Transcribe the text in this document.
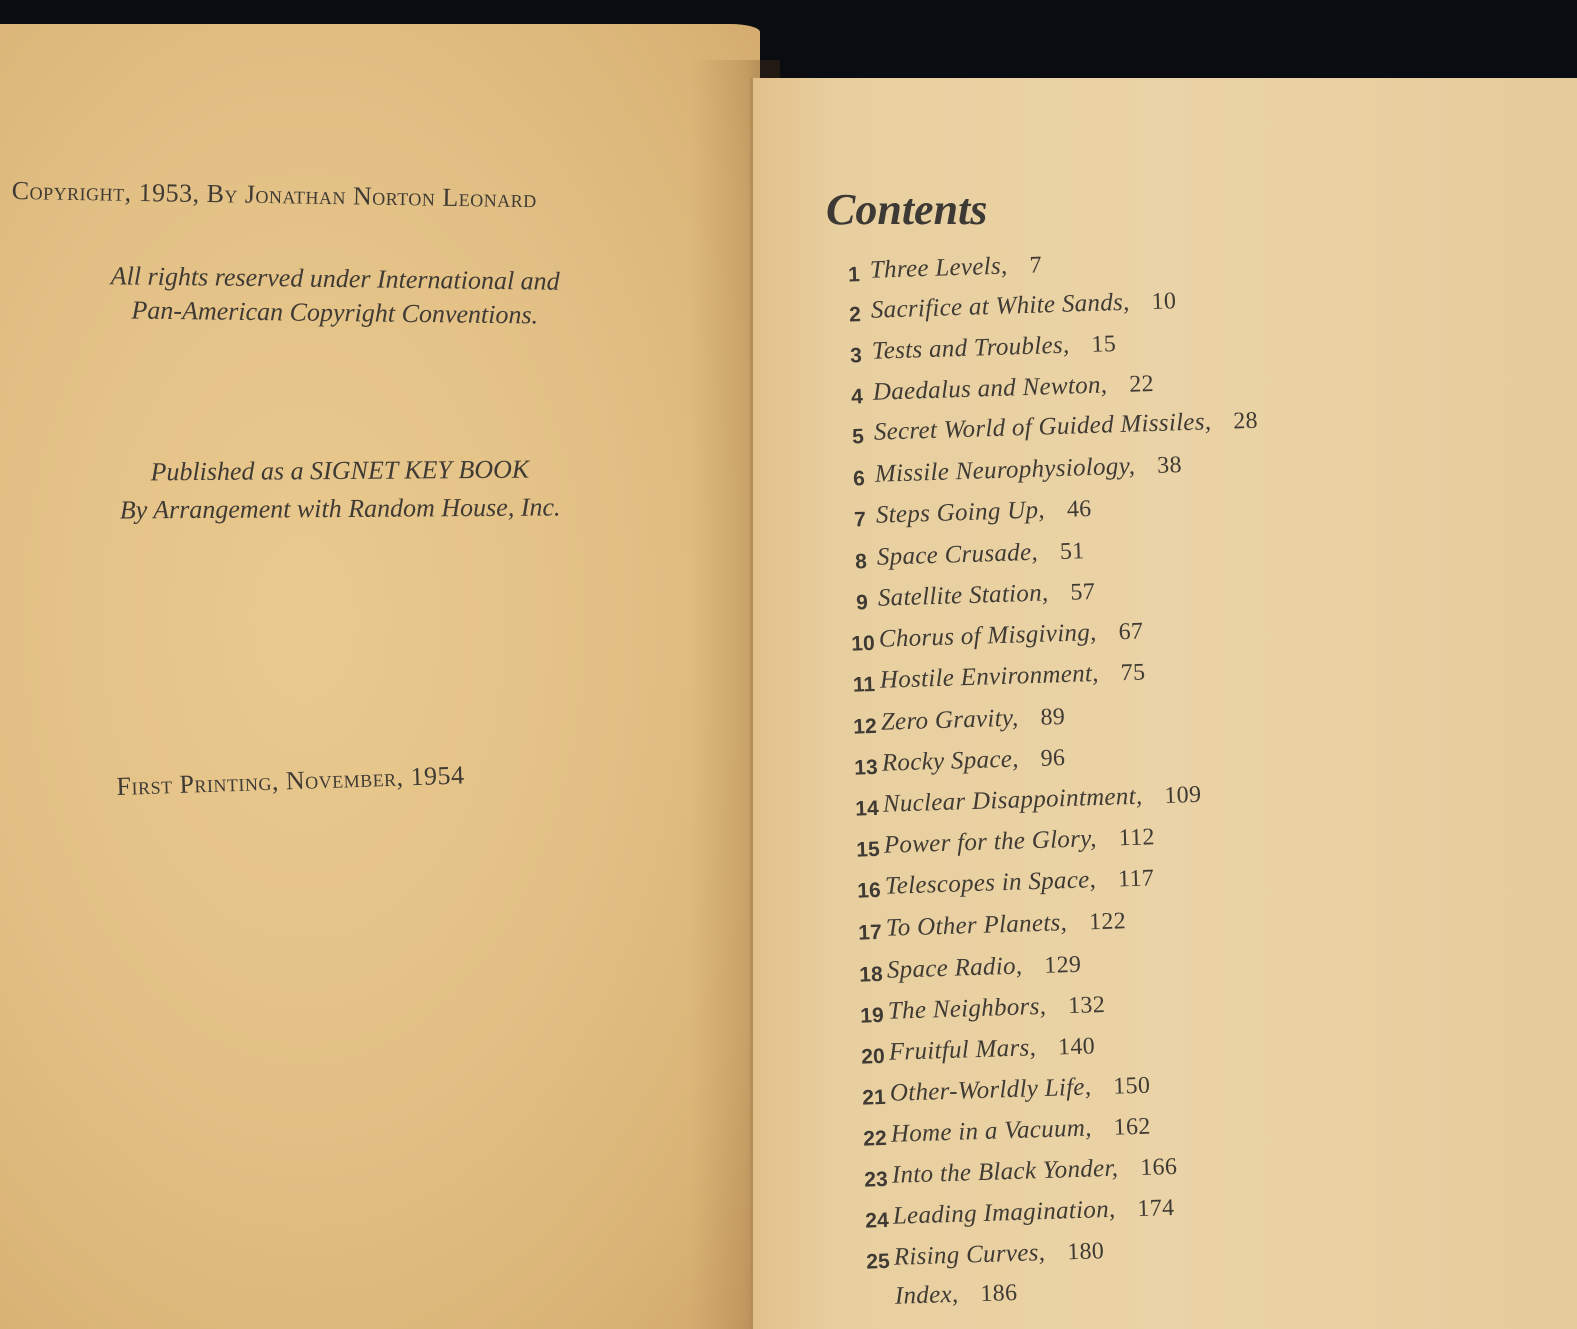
Copyright, 1953, By Jonathan Norton Leonard
All rights reserved under International and
Pan-American Copyright Conventions.
Published as a SIGNET KEY BOOK
By Arrangement with Random House, Inc.
First Printing, November, 1954
Contents
1 Three Levels, 7
2 Sacrifice at White Sands, 10
3 Tests and Troubles, 15
4 Daedalus and Newton, 22
5 Secret World of Guided Missiles, 28
6 Missile Neurophysiology, 38
7 Steps Going Up, 46
8 Space Crusade, 51
9 Satellite Station, 57
10 Chorus of Misgiving, 67
11 Hostile Environment, 75
12 Zero Gravity, 89
13 Rocky Space, 96
14 Nuclear Disappointment, 109
15 Power for the Glory, 112
16 Telescopes in Space, 117
17 To Other Planets, 122
18 Space Radio, 129
19 The Neighbors, 132
20 Fruitful Mars, 140
21 Other-Worldly Life, 150
22 Home in a Vacuum, 162
23 Into the Black Yonder, 166
24 Leading Imagination, 174
25 Rising Curves, 180
Index, 186
